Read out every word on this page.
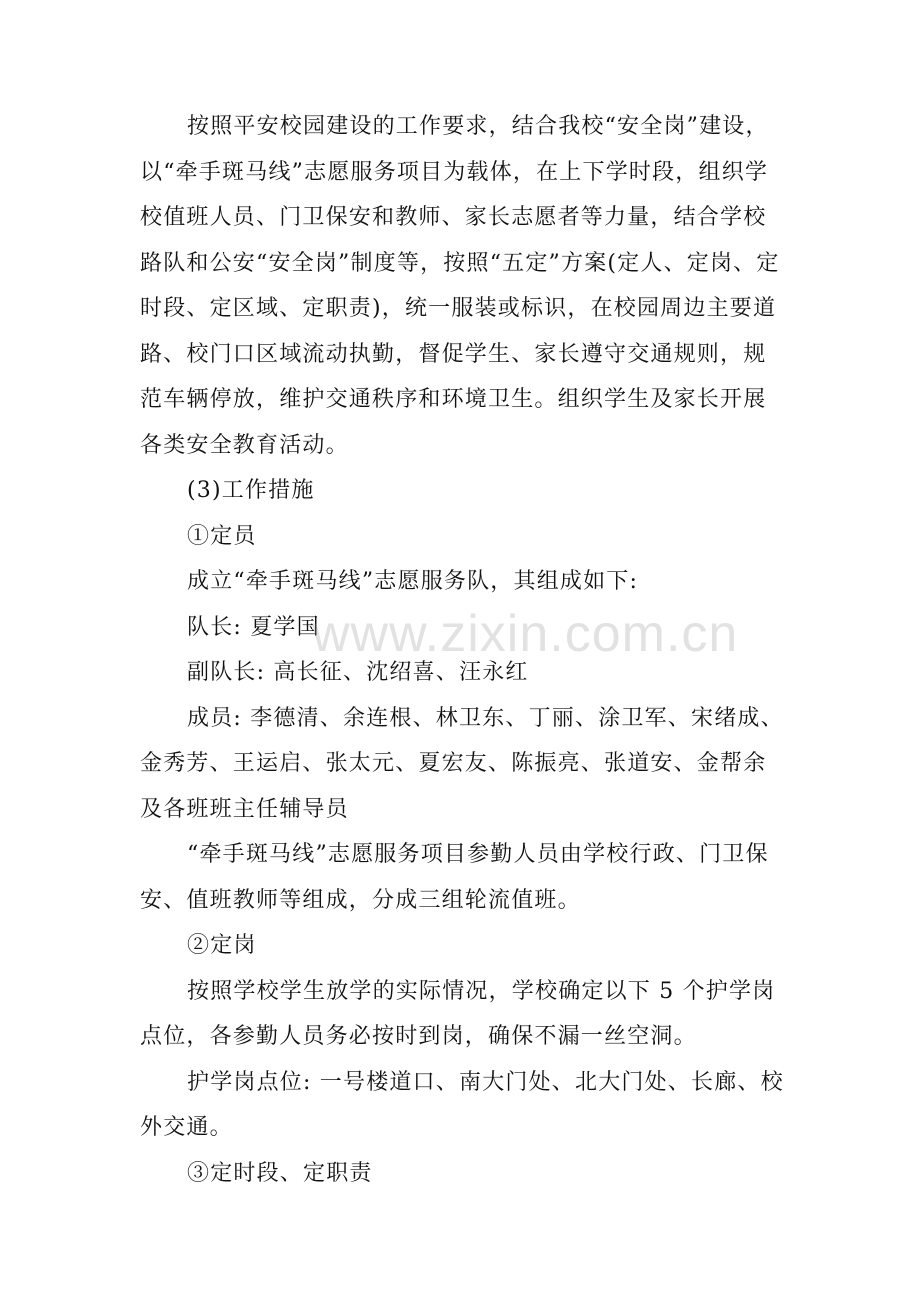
按照平安校园建设的工作要求，结合我校“安全岗”建设，以“牵手斑马线”志愿服务项目为载体，在上下学时段，组织学校值班人员、门卫保安和教师、家长志愿者等力量，结合学校路队和公安“安全岗”制度等，按照“五定”方案(定人、定岗、定时段、定区域、定职责)，统一服装或标识，在校园周边主要道路、校门口区域流动执勤，督促学生、家长遵守交通规则，规范车辆停放，维护交通秩序和环境卫生。组织学生及家长开展各类安全教育活动。

(3)工作措施

①定员

成立“牵手斑马线”志愿服务队，其组成如下:

队长: 夏学国

副队长: 高长征、沈绍喜、汪永红

成员: 李德清、余连根、林卫东、丁丽、涂卫军、宋绪成、金秀芳、王运启、张太元、夏宏友、陈振亮、张道安、金帮余及各班班主任辅导员

“牵手斑马线”志愿服务项目参勤人员由学校行政、门卫保安、值班教师等组成，分成三组轮流值班。

②定岗

按照学校学生放学的实际情况，学校确定以下 5 个护学岗点位，各参勤人员务必按时到岗，确保不漏一丝空洞。

护学岗点位: 一号楼道口、南大门处、北大门处、长廊、校外交通。

③定时段、定职责

www.zixin.com.cn
